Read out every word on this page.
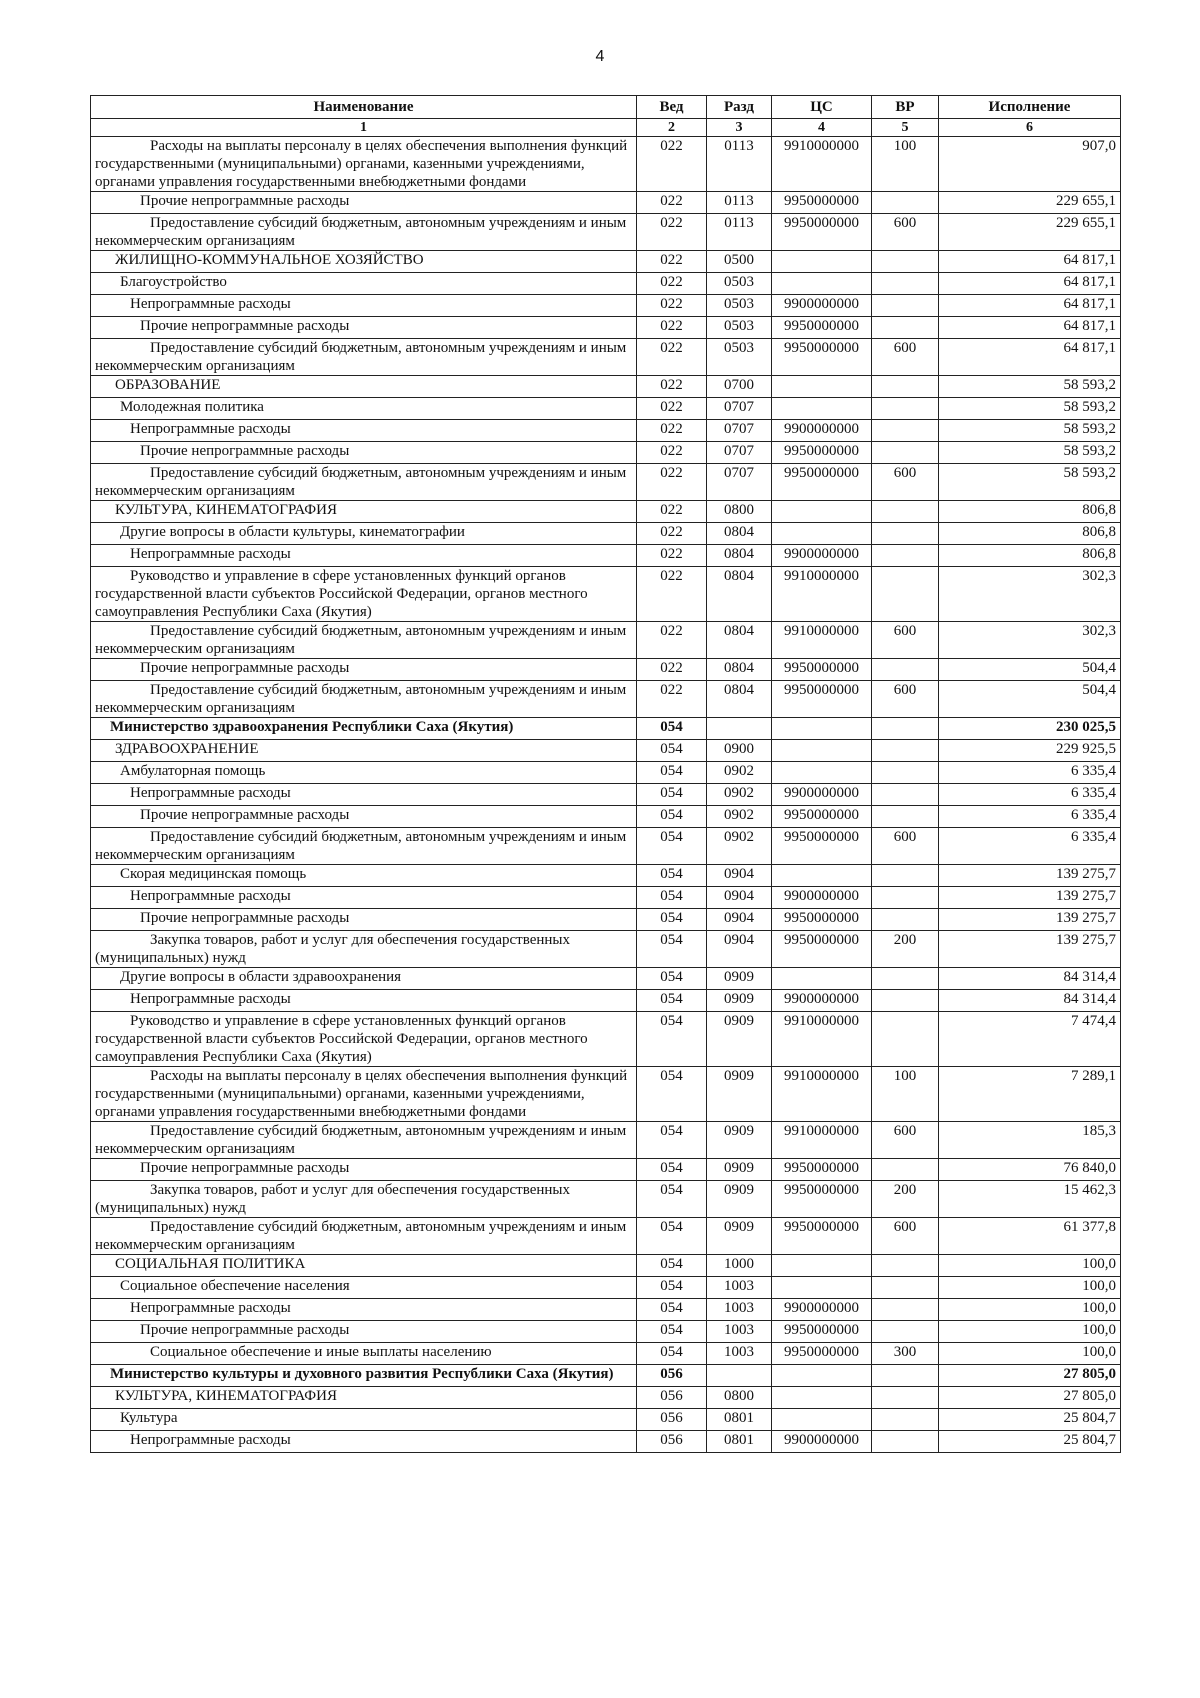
4
Наименование	Вед	Разд	ЦС	ВР	Исполнение
1	2	3	4	5	6
Расходы на выплаты персоналу в целях обеспечения выполнения функций государственными (муниципальными) органами, казенными учреждениями, органами управления государственными внебюджетными фондами	022	0113	9910000000	100	907,0
Прочие непрограммные расходы	022	0113	9950000000		229 655,1
Предоставление субсидий бюджетным, автономным учреждениям и иным некоммерческим организациям	022	0113	9950000000	600	229 655,1
ЖИЛИЩНО-КОММУНАЛЬНОЕ ХОЗЯЙСТВО	022	0500			64 817,1
Благоустройство	022	0503			64 817,1
Непрограммные расходы	022	0503	9900000000		64 817,1
Прочие непрограммные расходы	022	0503	9950000000		64 817,1
Предоставление субсидий бюджетным, автономным учреждениям и иным некоммерческим организациям	022	0503	9950000000	600	64 817,1
ОБРАЗОВАНИЕ	022	0700			58 593,2
Молодежная политика	022	0707			58 593,2
Непрограммные расходы	022	0707	9900000000		58 593,2
Прочие непрограммные расходы	022	0707	9950000000		58 593,2
Предоставление субсидий бюджетным, автономным учреждениям и иным некоммерческим организациям	022	0707	9950000000	600	58 593,2
КУЛЬТУРА, КИНЕМАТОГРАФИЯ	022	0800			806,8
Другие вопросы в области культуры, кинематографии	022	0804			806,8
Непрограммные расходы	022	0804	9900000000		806,8
Руководство и управление в сфере установленных функций органов государственной власти субъектов Российской Федерации, органов местного самоуправления Республики Саха (Якутия)	022	0804	9910000000		302,3
Предоставление субсидий бюджетным, автономным учреждениям и иным некоммерческим организациям	022	0804	9910000000	600	302,3
Прочие непрограммные расходы	022	0804	9950000000		504,4
Предоставление субсидий бюджетным, автономным учреждениям и иным некоммерческим организациям	022	0804	9950000000	600	504,4
Министерство здравоохранения Республики Саха (Якутия)	054				230 025,5
ЗДРАВООХРАНЕНИЕ	054	0900			229 925,5
Амбулаторная помощь	054	0902			6 335,4
Непрограммные расходы	054	0902	9900000000		6 335,4
Прочие непрограммные расходы	054	0902	9950000000		6 335,4
Предоставление субсидий бюджетным, автономным учреждениям и иным некоммерческим организациям	054	0902	9950000000	600	6 335,4
Скорая медицинская помощь	054	0904			139 275,7
Непрограммные расходы	054	0904	9900000000		139 275,7
Прочие непрограммные расходы	054	0904	9950000000		139 275,7
Закупка товаров, работ и услуг для обеспечения государственных (муниципальных) нужд	054	0904	9950000000	200	139 275,7
Другие вопросы в области здравоохранения	054	0909			84 314,4
Непрограммные расходы	054	0909	9900000000		84 314,4
Руководство и управление в сфере установленных функций органов государственной власти субъектов Российской Федерации, органов местного самоуправления Республики Саха (Якутия)	054	0909	9910000000		7 474,4
Расходы на выплаты персоналу в целях обеспечения выполнения функций государственными (муниципальными) органами, казенными учреждениями, органами управления государственными внебюджетными фондами	054	0909	9910000000	100	7 289,1
Предоставление субсидий бюджетным, автономным учреждениям и иным некоммерческим организациям	054	0909	9910000000	600	185,3
Прочие непрограммные расходы	054	0909	9950000000		76 840,0
Закупка товаров, работ и услуг для обеспечения государственных (муниципальных) нужд	054	0909	9950000000	200	15 462,3
Предоставление субсидий бюджетным, автономным учреждениям и иным некоммерческим организациям	054	0909	9950000000	600	61 377,8
СОЦИАЛЬНАЯ ПОЛИТИКА	054	1000			100,0
Социальное обеспечение населения	054	1003			100,0
Непрограммные расходы	054	1003	9900000000		100,0
Прочие непрограммные расходы	054	1003	9950000000		100,0
Социальное обеспечение и иные выплаты населению	054	1003	9950000000	300	100,0
Министерство культуры и духовного развития Республики Саха (Якутия)	056				27 805,0
КУЛЬТУРА, КИНЕМАТОГРАФИЯ	056	0800			27 805,0
Культура	056	0801			25 804,7
Непрограммные расходы	056	0801	9900000000		25 804,7
